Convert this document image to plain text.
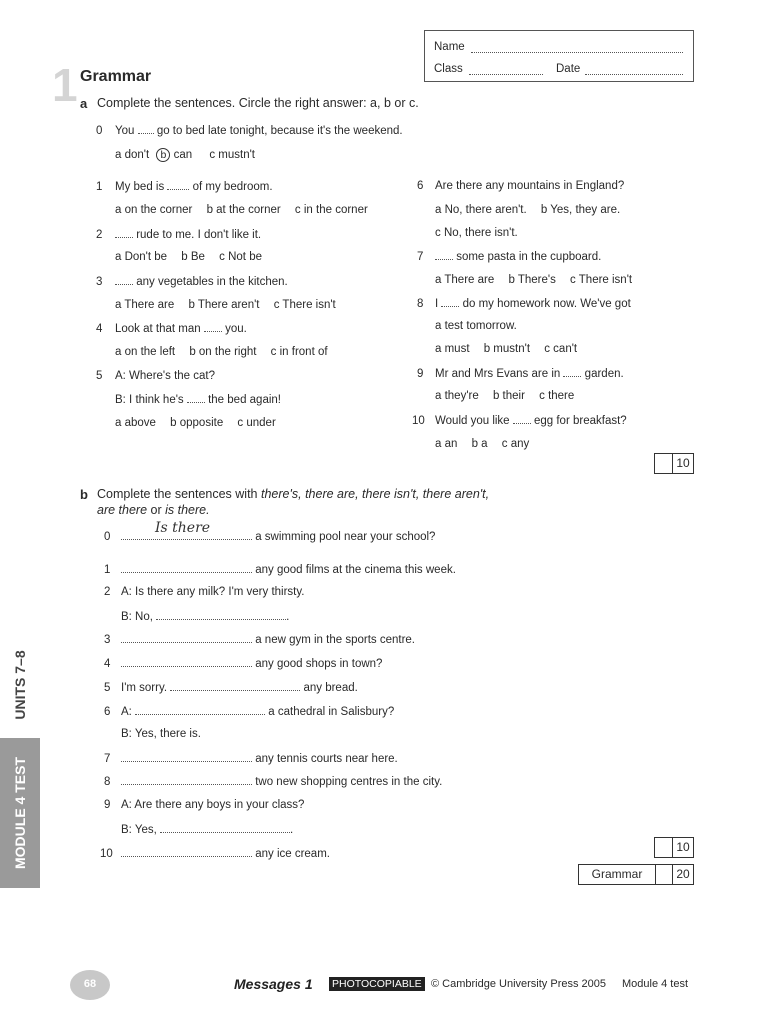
Name
Class	Date
1 Grammar
a Complete the sentences. Circle the right answer: a, b or c.
0 You go to bed late tonight, because it's the weekend.
a don't b can c mustn't
1 My bed is of my bedroom.
a on the corner b at the corner c in the corner
2	rude to me. I don't like it.
a Don't be b Be c Not be
3	any vegetables in the kitchen.
a There are b There aren't c There isn't
4 Look at that man you.
a on the left b on the right c in front of
5 A: Where's the cat?
B: I think he's the bed again!
a above b opposite c under
6 Are there any mountains in England?
a No, there aren't. b Yes, they are.
c No, there isn't.
7	some pasta in the cupboard.
a There are b There's c There isn't
8 I do my homework now. We've got
a test tomorrow.
a must b mustn't c can't
9 Mr and Mrs Evans are in garden.
a they're b their c there
10 Would you like egg for breakfast?
a an b a c any
10
b Complete the sentences with there's, there are, there isn't, there aren't,
are there or is there.
0
Is there
a swimming pool near your school?
1	any good films at the cinema this week.
2 A: Is there any milk? I'm very thirsty.
B: No,	.
3	a new gym in the sports centre.
4	any good shops in town?
5 I'm sorry.	any bread.
6 A:	a cathedral in Salisbury?
B: Yes, there is.
7	any tennis courts near here.
8	two new shopping centres in the city.
9 A: Are there any boys in your class?
B: Yes,	.
10	any ice cream.	10
Grammar	20
UNITS 7–8
MODULE 4 TEST
68	Messages 1 PHOTOCOPIABLE © Cambridge University Press 2005 Module 4 test
